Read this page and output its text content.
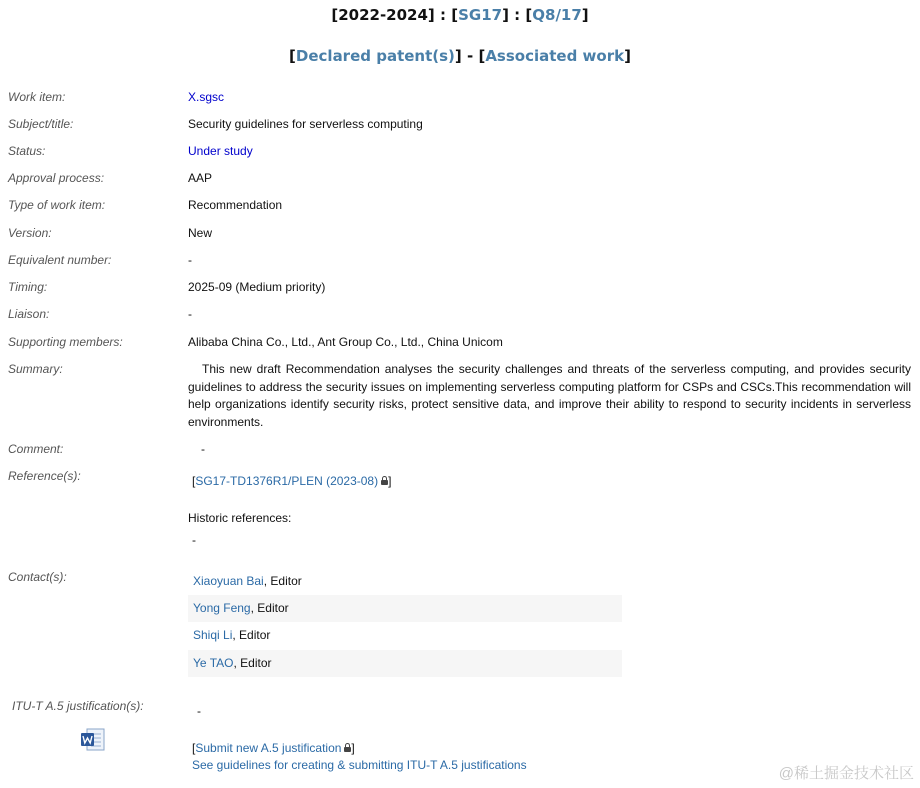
[2022-2024] : [SG17] : [Q8/17]
[Declared patent(s)] - [Associated work]
Work item:	X.sgsc
Subject/title:	Security guidelines for serverless computing
Status:	Under study
Approval process:	AAP
Type of work item:	Recommendation
Version:	New
Equivalent number:	-
Timing:	2025-09 (Medium priority)
Liaison:	-
Supporting members:	Alibaba China Co., Ltd., Ant Group Co., Ltd., China Unicom
Summary:	This new draft Recommendation analyses the security challenges and threats of the serverless computing, and provides security guidelines to address the security issues on implementing serverless computing platform for CSPs and CSCs.This recommendation will help organizations identify security risks, protect sensitive data, and improve their ability to respond to security incidents in serverless environments.
Comment:	-
Reference(s):	[SG17-TD1376R1/PLEN (2023-08) ]
Historic references:
-
Contact(s):	Xiaoyuan Bai, Editor
Yong Feng, Editor
Shiqi Li, Editor
Ye TAO, Editor
ITU-T A.5 justification(s):	-
[Submit new A.5 justification ]
See guidelines for creating & submitting ITU-T A.5 justifications	@稀土掘金技术社区
